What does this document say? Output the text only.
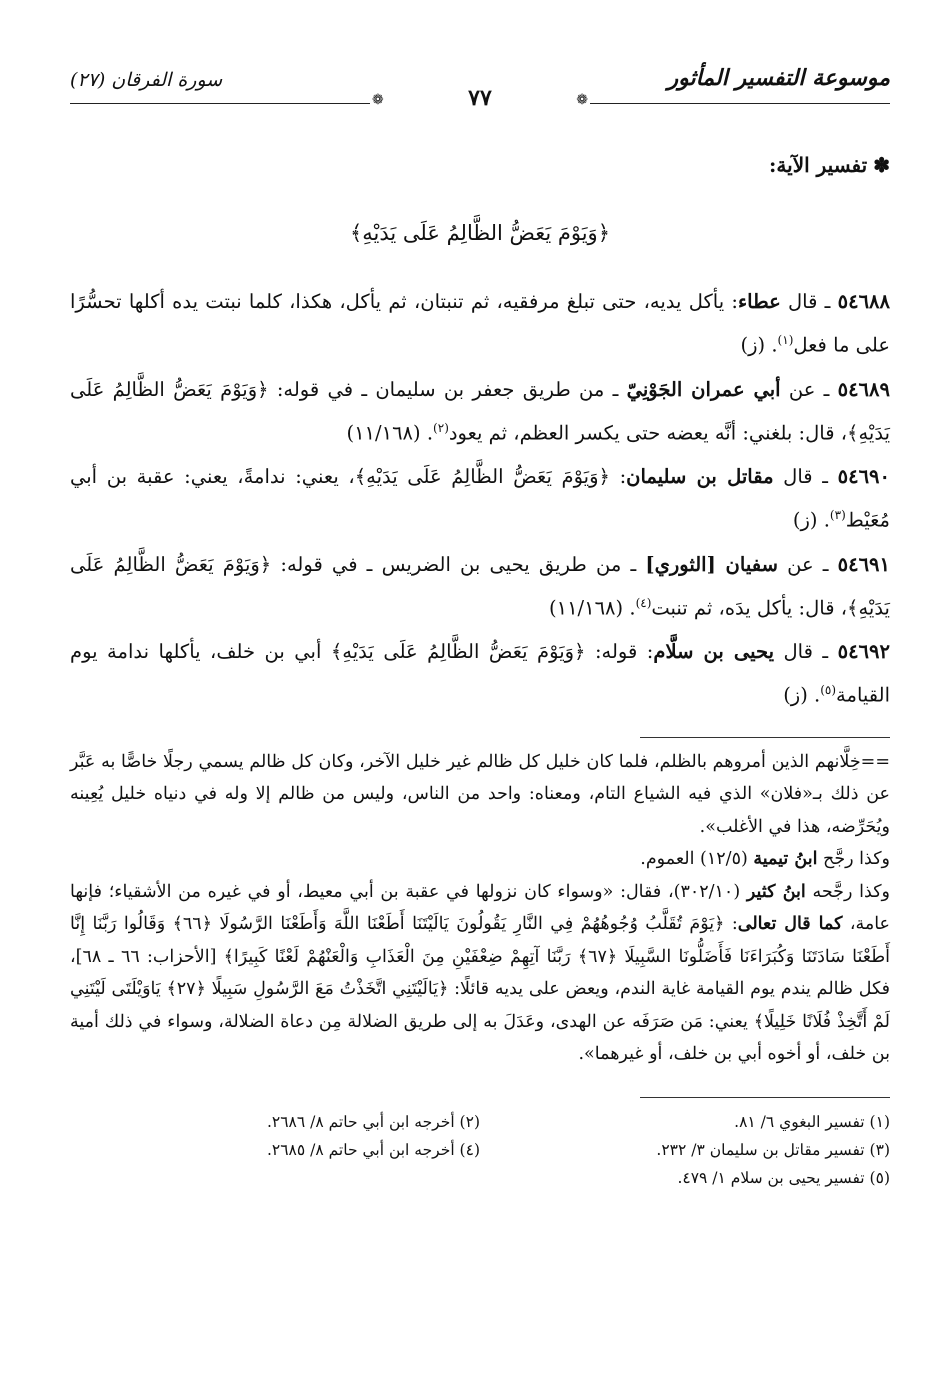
موسوعة التفسير المأثور
سورة الفرقان (٢٧)
❁
❁	٧٧
✽تفسير الآية:
﴿وَيَوْمَ يَعَضُّ الظَّالِمُ عَلَى يَدَيْهِ﴾
٥٤٦٨٨ ـ قال عطاء: يأكل يديه، حتى تبلغ مرفقيه، ثم تنبتان، ثم يأكل، هكذا، كلما نبتت يده أكلها تحسُّرًا على ما فعل$^{(١)}$. (ز)
٥٤٦٨٩ ـ عن أبي عمران الجَوْنِيّ ـ من طريق جعفر بن سليمان ـ في قوله: ﴿وَيَوْمَ يَعَضُّ الظَّالِمُ عَلَى يَدَيْهِ﴾، قال: بلغني: أنَّه يعضه حتى يكسر العظم، ثم يعود$^{(٢)}$. (١١/١٦٨)
٥٤٦٩٠ ـ قال مقاتل بن سليمان: ﴿وَيَوْمَ يَعَضُّ الظَّالِمُ عَلَى يَدَيْهِ﴾، يعني: ندامةً، يعني: عقبة بن أبي مُعَيْط$^{(٣)}$. (ز)
٥٤٦٩١ ـ عن سفيان [الثوري] ـ من طريق يحيى بن الضريس ـ في قوله: ﴿وَيَوْمَ يَعَضُّ الظَّالِمُ عَلَى يَدَيْهِ﴾، قال: يأكل يدَه، ثم تنبت$^{(٤)}$. (١١/١٦٨)
٥٤٦٩٢ ـ قال يحيى بن سلَّام: قوله: ﴿وَيَوْمَ يَعَضُّ الظَّالِمُ عَلَى يَدَيْهِ﴾ أبي بن خلف، يأكلها ندامة يوم القيامة$^{(٥)}$. (ز)

==خِلَّانهم الذين أمروهم بالظلم، فلما كان خليل كل ظالم غير خليل الآخر، وكان كل ظالم يسمي رجلًا خاصًّا به عَبَّر عن ذلك بـ«فلان» الذي فيه الشياع التام، ومعناه: واحد من الناس، وليس من ظالم إلا وله في دنياه خليل يُعِينه ويُحَرِّضه، هذا في الأغلب».

وكذا رجَّح ابنُ تيمية (١٢/٥) العموم.

وكذا رجَّحه ابنُ كثير (٣٠٢/١٠)، فقال: «وسواء كان نزولها في عقبة بن أبي معيط، أو في غيره من الأشقياء؛ فإنها عامة، كما قال تعالى: ﴿يَوْمَ تُقَلَّبُ وُجُوهُهُمْ فِي النَّارِ يَقُولُونَ يَالَيْتَنَا أَطَعْنَا اللَّهَ وَأَطَعْنَا الرَّسُولَا ﴿٦٦﴾ وَقَالُوا رَبَّنَا إِنَّا أَطَعْنَا سَادَتَنَا وَكُبَرَاءَنَا فَأَضَلُّونَا السَّبِيلَا ﴿٦٧﴾ رَبَّنَا آتِهِمْ ضِعْفَيْنِ مِنَ الْعَذَابِ وَالْعَنْهُمْ لَعْنًا كَبِيرًا﴾ [الأحزاب: ٦٦ ـ ٦٨]، فكل ظالم يندم يوم القيامة غاية الندم، ويعض على يديه قائلًا: ﴿يَالَيْتَنِي اتَّخَذْتُ مَعَ الرَّسُولِ سَبِيلًا ﴿٢٧﴾ يَاوَيْلَتَى لَيْتَنِي لَمْ أَتَّخِذْ فُلَانًا خَلِيلًا﴾ يعني: مَن صَرَفَه عن الهدى، وعَدَلَ به إلى طريق الضلالة مِن دعاة الضلالة، وسواء في ذلك أمية بن خلف، أو أخوه أبي بن خلف، أو غيرهما».

(١) تفسير البغوي ٦/ ٨١.
(٣) تفسير مقاتل بن سليمان ٣/ ٢٣٢.
(٥) تفسير يحيى بن سلام ١/ ٤٧٩.
(٢) أخرجه ابن أبي حاتم ٨/ ٢٦٨٦.
(٤) أخرجه ابن أبي حاتم ٨/ ٢٦٨٥.
